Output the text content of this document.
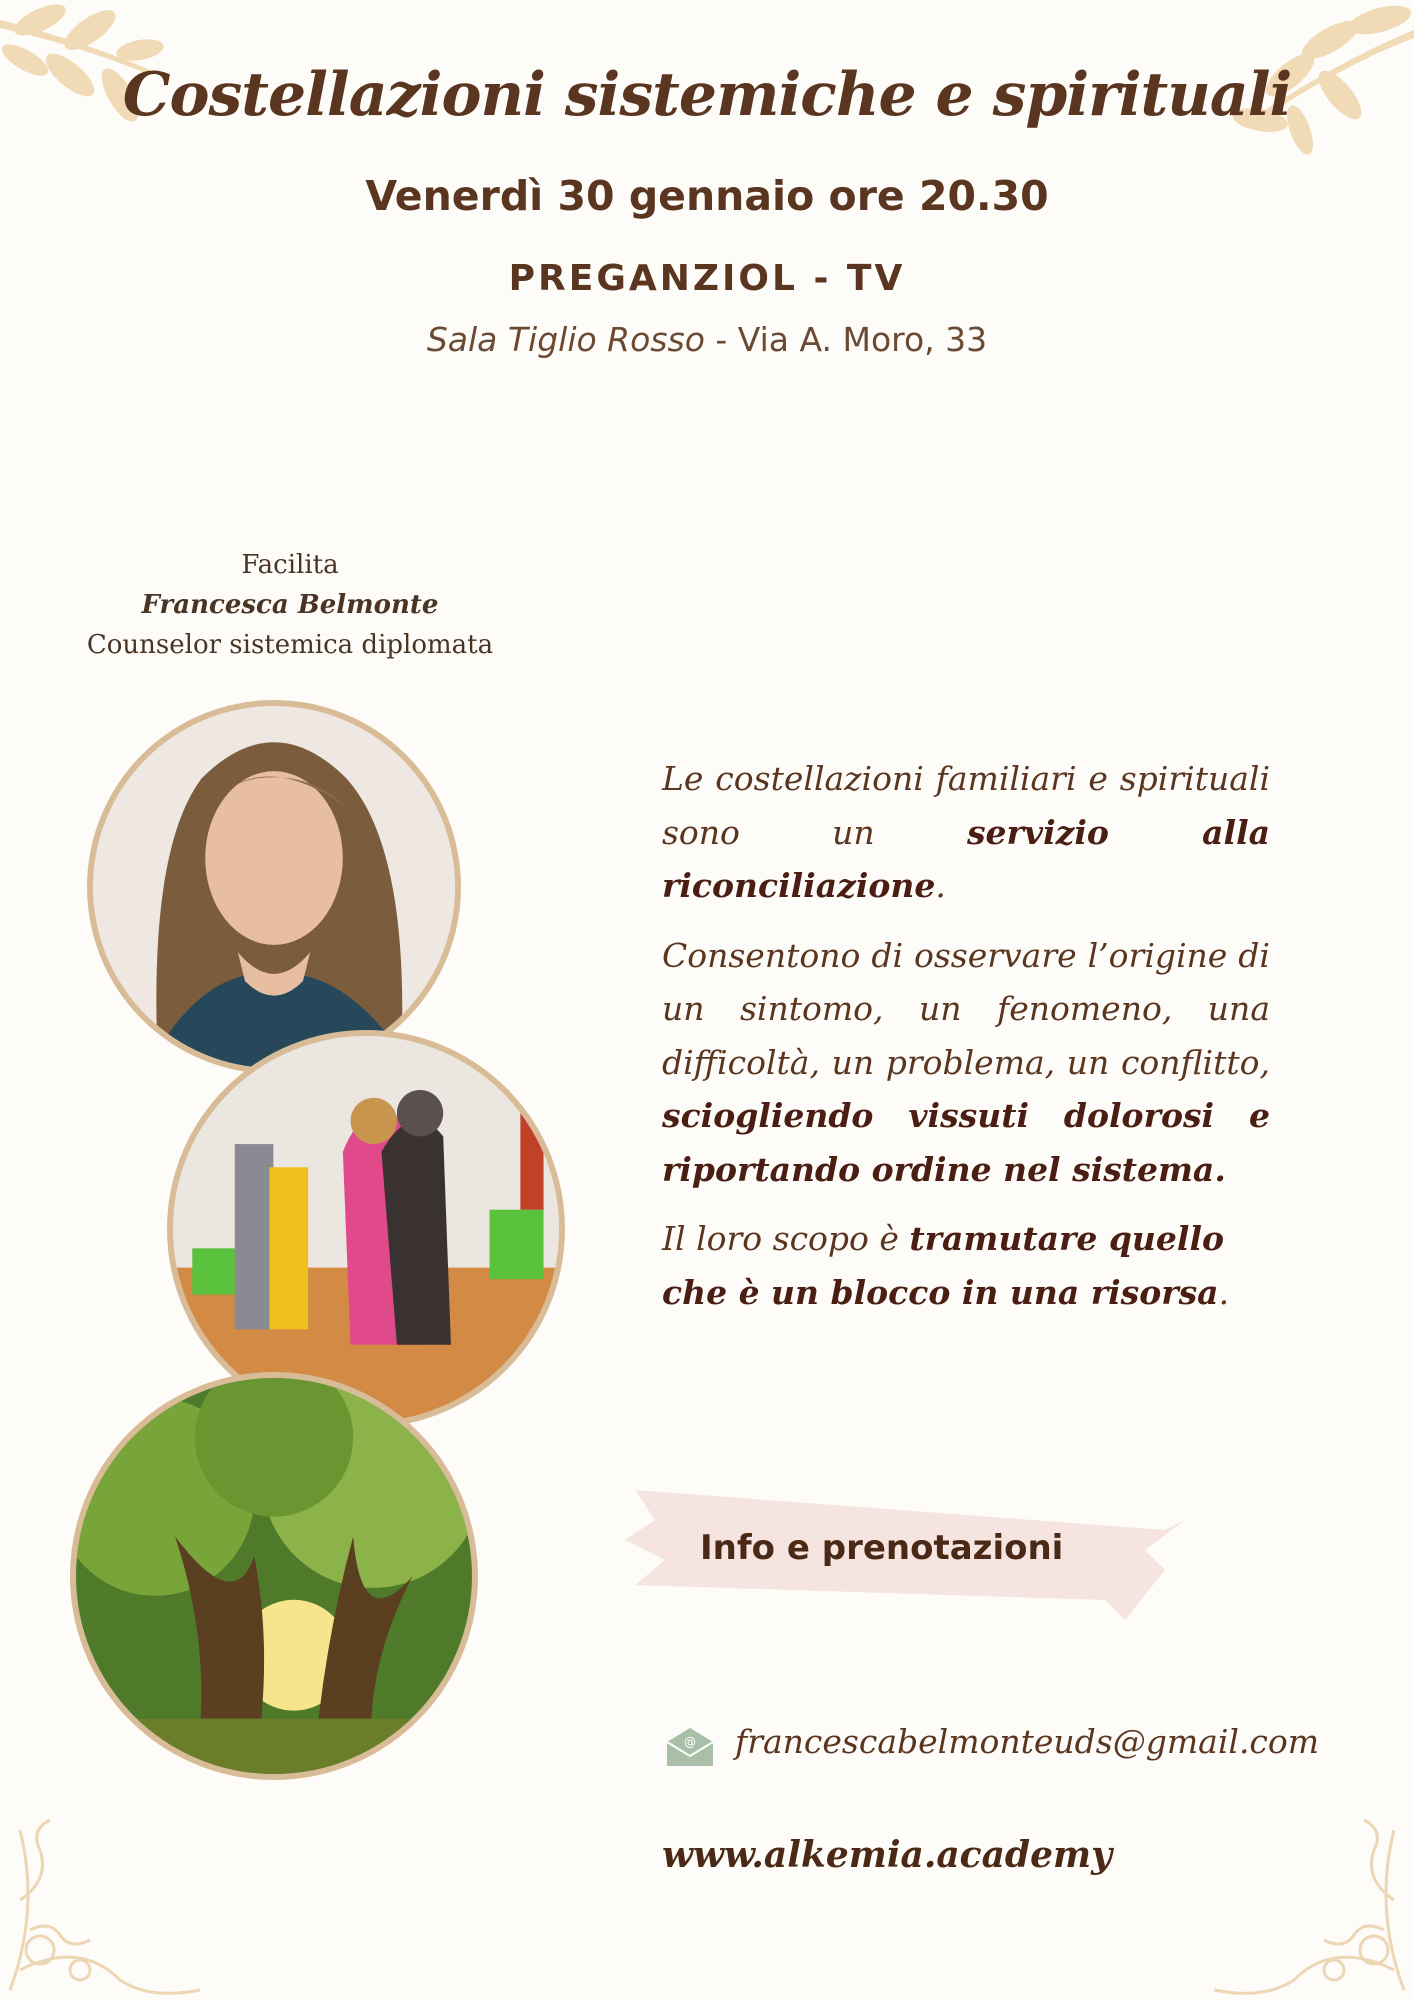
Costellazioni sistemiche e spirituali
Venerdì 30 gennaio ore 20.30
PREGANZIOL - TV
Sala Tiglio Rosso - Via A. Moro, 33
Facilita
Francesca Belmonte
Counselor sistemica diplomata

Le costellazioni familiari e spirituali sono un servizio alla riconciliazione.

Consentono di osservare l’origine di un sintomo, un fenomeno, una difficoltà, un problema, un conflitto, sciogliendo vissuti dolorosi e riportando ordine nel sistema.

Il loro scopo è tramutare quello che è un blocco in una risorsa.

Info e prenotazioni
@ francescabelmonteuds@gmail.com
www.alkemia.academy
